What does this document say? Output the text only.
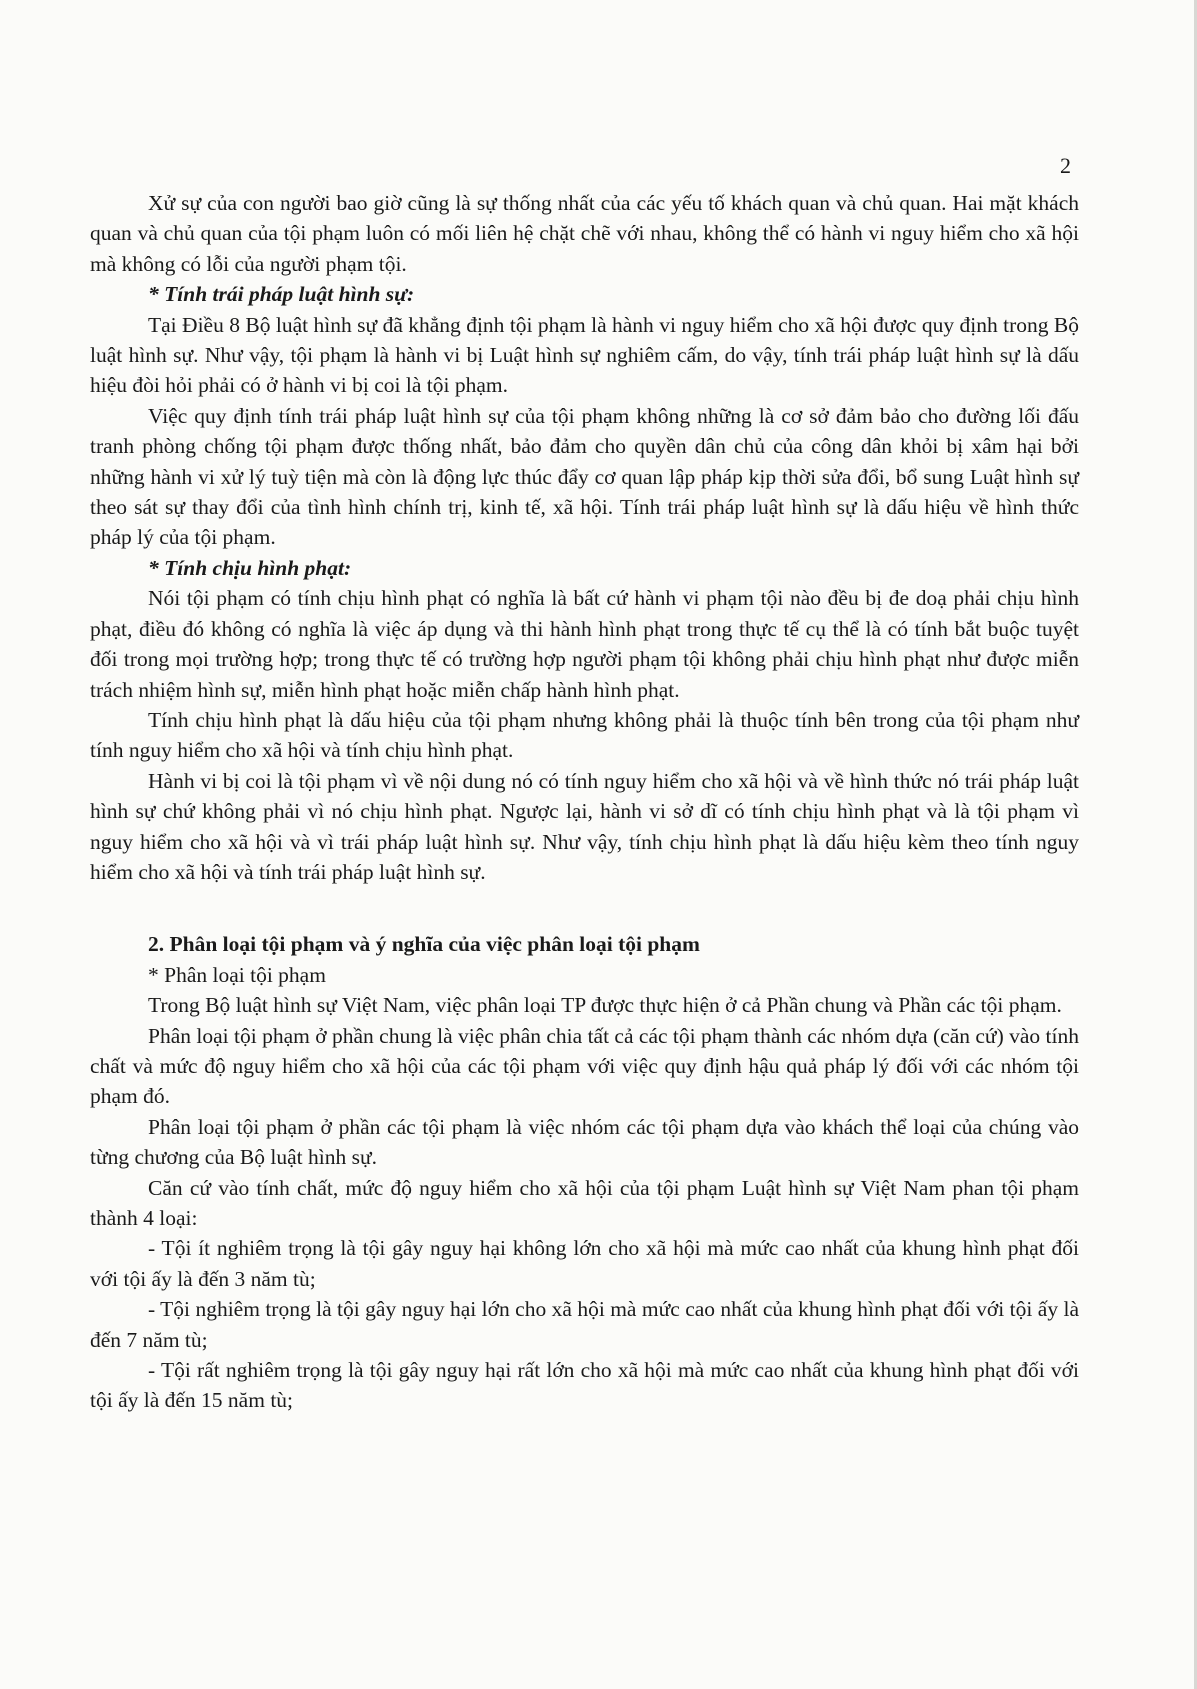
2

Xử sự của con người bao giờ cũng là sự thống nhất của các yếu tố khách quan và chủ quan. Hai mặt khách quan và chủ quan của tội phạm luôn có mối liên hệ chặt chẽ với nhau, không thể có hành vi nguy hiểm cho xã hội mà không có lỗi của người phạm tội.

* Tính trái pháp luật hình sự:

Tại Điều 8 Bộ luật hình sự đã khẳng định tội phạm là hành vi nguy hiểm cho xã hội được quy định trong Bộ luật hình sự. Như vậy, tội phạm là hành vi bị Luật hình sự nghiêm cấm, do vậy, tính trái pháp luật hình sự là dấu hiệu đòi hỏi phải có ở hành vi bị coi là tội phạm.

Việc quy định tính trái pháp luật hình sự của tội phạm không những là cơ sở đảm bảo cho đường lối đấu tranh phòng chống tội phạm được thống nhất, bảo đảm cho quyền dân chủ của công dân khỏi bị xâm hại bởi những hành vi xử lý tuỳ tiện mà còn là động lực thúc đẩy cơ quan lập pháp kịp thời sửa đổi, bổ sung Luật hình sự theo sát sự thay đổi của tình hình chính trị, kinh tế, xã hội. Tính trái pháp luật hình sự là dấu hiệu về hình thức pháp lý của tội phạm.

* Tính chịu hình phạt:

Nói tội phạm có tính chịu hình phạt có nghĩa là bất cứ hành vi phạm tội nào đều bị đe doạ phải chịu hình phạt, điều đó không có nghĩa là việc áp dụng và thi hành hình phạt trong thực tế cụ thể là có tính bắt buộc tuyệt đối trong mọi trường hợp; trong thực tế có trường hợp người phạm tội không phải chịu hình phạt như được miễn trách nhiệm hình sự, miễn hình phạt hoặc miễn chấp hành hình phạt.

Tính chịu hình phạt là dấu hiệu của tội phạm nhưng không phải là thuộc tính bên trong của tội phạm như tính nguy hiểm cho xã hội và tính chịu hình phạt.

Hành vi bị coi là tội phạm vì về nội dung nó có tính nguy hiểm cho xã hội và về hình thức nó trái pháp luật hình sự chứ không phải vì nó chịu hình phạt. Ngược lại, hành vi sở dĩ có tính chịu hình phạt và là tội phạm vì nguy hiểm cho xã hội và vì trái pháp luật hình sự. Như vậy, tính chịu hình phạt là dấu hiệu kèm theo tính nguy hiểm cho xã hội và tính trái pháp luật hình sự.

2. Phân loại tội phạm và ý nghĩa của việc phân loại tội phạm
* Phân loại tội phạm

Trong Bộ luật hình sự Việt Nam, việc phân loại TP được thực hiện ở cả Phần chung và Phần các tội phạm.

Phân loại tội phạm ở phần chung là việc phân chia tất cả các tội phạm thành các nhóm dựa (căn cứ) vào tính chất và mức độ nguy hiểm cho xã hội của các tội phạm với việc quy định hậu quả pháp lý đối với các nhóm tội phạm đó.

Phân loại tội phạm ở phần các tội phạm là việc nhóm các tội phạm dựa vào khách thể loại của chúng vào từng chương của Bộ luật hình sự.

Căn cứ vào tính chất, mức độ nguy hiểm cho xã hội của tội phạm Luật hình sự Việt Nam phan tội phạm thành 4 loại:

- Tội ít nghiêm trọng là tội gây nguy hại không lớn cho xã hội mà mức cao nhất của khung hình phạt đối với tội ấy là đến 3 năm tù;

- Tội nghiêm trọng là tội gây nguy hại lớn cho xã hội mà mức cao nhất của khung hình phạt đối với tội ấy là đến 7 năm tù;

- Tội rất nghiêm trọng là tội gây nguy hại rất lớn cho xã hội mà mức cao nhất của khung hình phạt đối với tội ấy là đến 15 năm tù;
